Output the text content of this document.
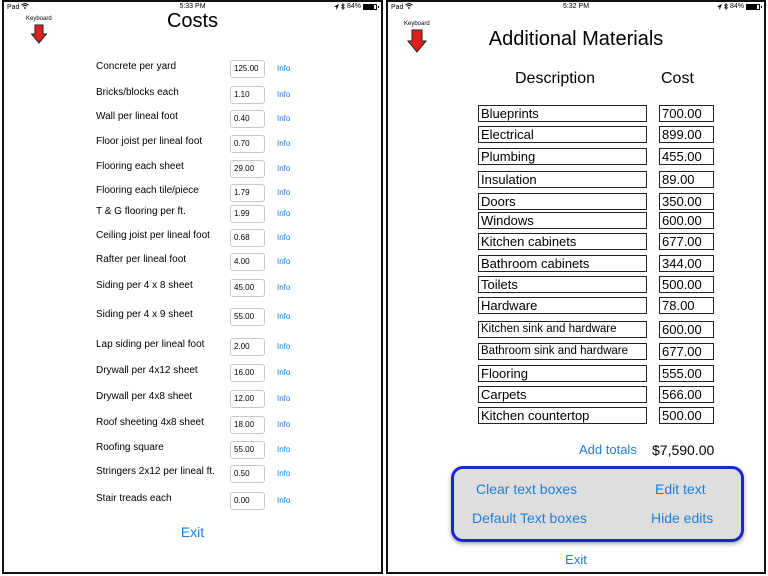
Pad	5:33 PM	84%
Keyboard	Costs
Concrete per yard	125.00	Info
Bricks/blocks each	1.10	Info
Wall per lineal foot	0.40	Info
Floor joist per lineal foot	0.70	Info
Flooring each sheet	29.00	Info
Flooring each tile/piece	1.79	Info
T & G flooring per ft.	1.99	Info
Ceiling joist per lineal foot	0.68	Info
Rafter per lineal foot	4.00	Info
Siding per 4 x 8 sheet	45.00	Info
Siding per 4 x 9 sheet	55.00	Info
Lap siding per lineal foot	2.00	Info
Drywall per 4x12 sheet	16.00	Info
Drywall per 4x8 sheet	12.00	Info
Roof sheeting 4x8 sheet	18.00	Info
Roofing square	55.00	Info
Stringers 2x12 per lineal ft.	0.50	Info
Stair treads each	0.00	Info
Exit
Pad	5:32 PM	84%
Keyboard
Additional Materials
Description	Cost
Blueprints	700.00
Electrical	899.00
Plumbing	455.00
Insulation	89.00
Doors	350.00
Windows	600.00
Kitchen cabinets	677.00
Bathroom cabinets	344.00
Toilets	500.00
Hardware	78.00
Kitchen sink and hardware	600.00
Bathroom sink and hardware	677.00
Flooring	555.00
Carpets	566.00
Kitchen countertop	500.00
Add totals $7,590.00
Clear text boxes	Edit text
Default Text boxes	Hide edits
Exit
